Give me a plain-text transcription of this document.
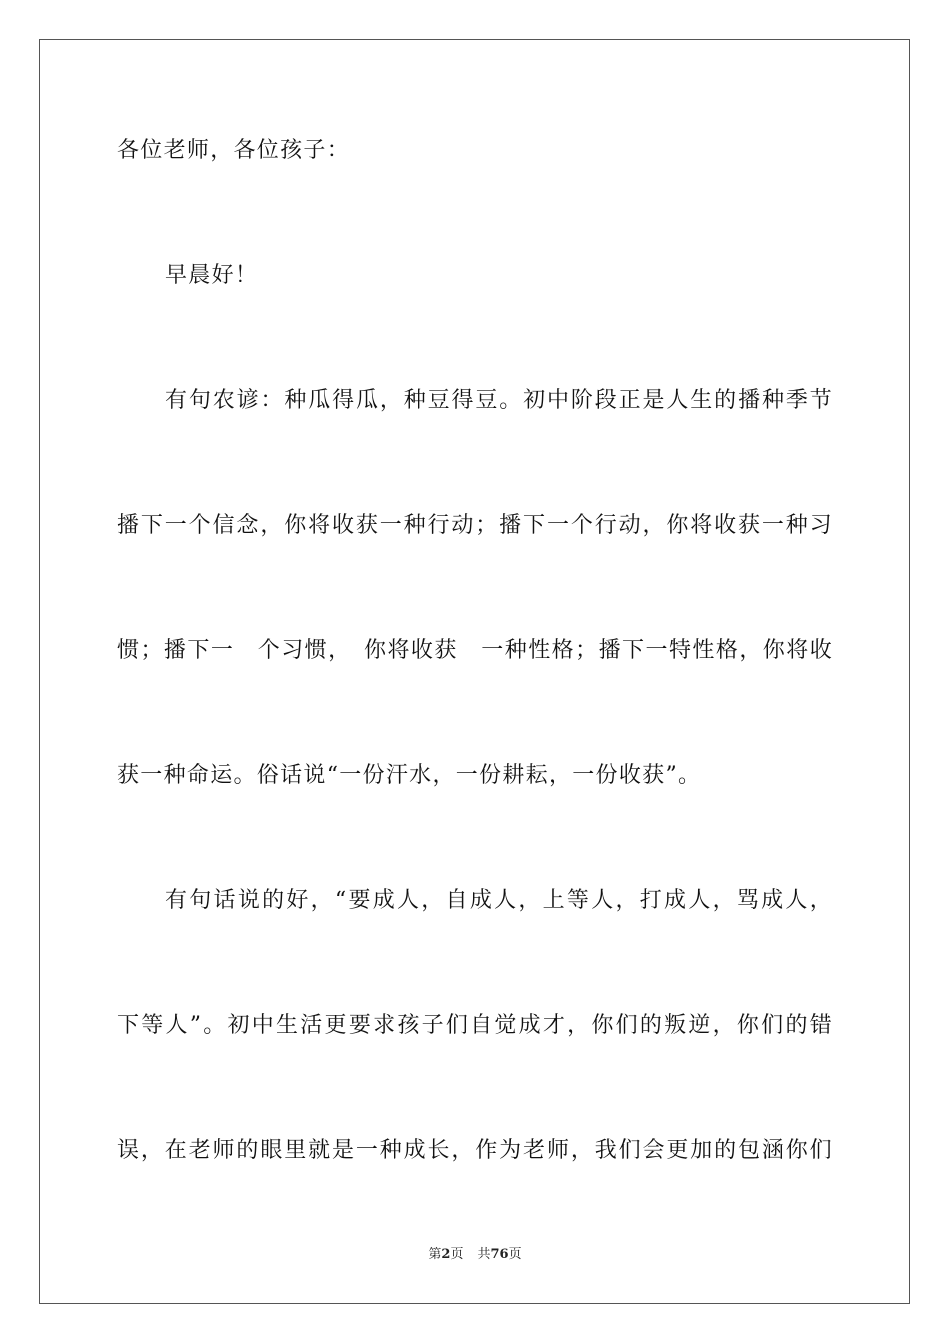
各位老师，各位孩子：
早晨好！
有句农谚：种瓜得瓜，种豆得豆。初中阶段正是人生的播种季节
播下一个信念，你将收获一种行动；播下一个行动，你将收获一种习
惯；播下一　个习惯，　你将收获　一种性格；播下一特性格，你将收
获一种命运。俗话说“一份汗水，一份耕耘，一份收获”。
有句话说的好，“要成人，自成人，上等人，打成人，骂成人，
下等人”。初中生活更要求孩子们自觉成才，你们的叛逆，你们的错
误，在老师的眼里就是一种成长，作为老师，我们会更加的包涵你们
第2页 共76页
